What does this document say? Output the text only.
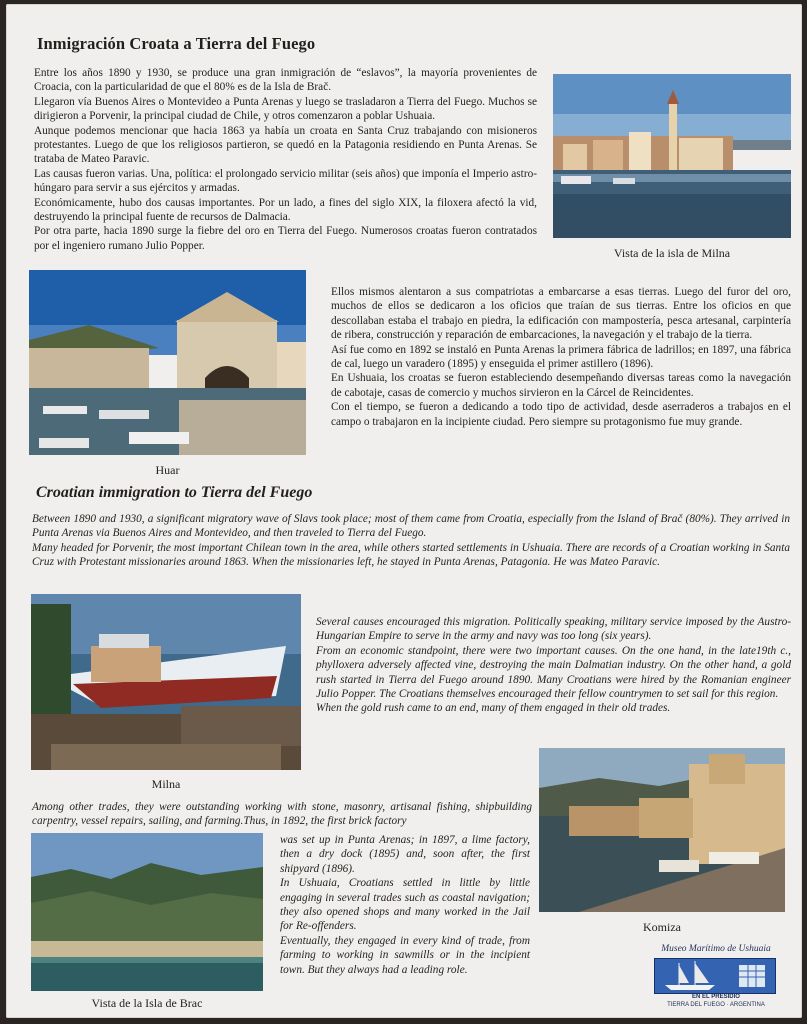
Inmigración Croata a Tierra del Fuego

Entre los años 1890 y 1930, se produce una gran inmigración de “eslavos”, la mayoría provenientes de Croacia, con la particularidad de que el 80% es de la Isla de Brač.

Llegaron vía Buenos Aires o Montevideo a Punta Arenas y luego se trasladaron a Tierra del Fuego. Muchos se dirigieron a Porvenir, la principal ciudad de Chile, y otros comenzaron a poblar Ushuaia.

Aunque podemos mencionar que hacia 1863 ya había un croata en Santa Cruz trabajando con misioneros protestantes. Luego de que los religiosos partieron, se quedó en la Patagonia residiendo en Punta Arenas. Se trataba de Mateo Paravic.

Las causas fueron varias. Una, política: el prolongado servicio militar (seis años) que imponía el Imperio astro-húngaro para servir a sus ejércitos y armadas.

Económicamente, hubo dos causas importantes. Por un lado, a fines del siglo XIX, la filoxera afectó la vid, destruyendo la principal fuente de recursos de Dalmacia.

Por otra parte, hacia 1890 surge la fiebre del oro en Tierra del Fuego. Numerosos croatas fueron contratados por el ingeniero rumano Julio Popper.

Vista de la isla de Milna
Huar

Ellos mismos alentaron a sus compatriotas a embarcarse a esas tierras. Luego del furor del oro, muchos de ellos se dedicaron a los oficios que traían de sus tierras. Entre los oficios en que descollaban estaba el trabajo en piedra, la edificación con mampostería, pesca artesanal, carpintería de ribera, construcción y reparación de embarcaciones, la navegación y el trabajo de la tierra.

Así fue como en 1892 se instaló en Punta Arenas la primera fábrica de ladrillos; en 1897, una fábrica de cal, luego un varadero (1895) y enseguida el primer astillero (1896).

En Ushuaia, los croatas se fueron estableciendo desempeñando diversas tareas como la navegación de cabotaje, casas de comercio y muchos sirvieron en la Cárcel de Reincidentes.

Con el tiempo, se fueron a dedicando a todo tipo de actividad, desde aserraderos a trabajos en el campo o trabajaron en la incipiente ciudad. Pero siempre su protagonismo fue muy grande.

Croatian immigration to Tierra del Fuego

Between 1890 and 1930, a significant migratory wave of Slavs took place; most of them came from Croatia, especially from the Island of Brač (80%). They arrived in Punta Arenas via Buenos Aires and Montevideo, and then traveled to Tierra del Fuego.

Many headed for Porvenir, the most important Chilean town in the area, while others started settlements in Ushuaia. There are records of a Croatian working in Santa Cruz with Protestant missionaries around 1863. When the missionaries left, he stayed in Punta Arenas, Patagonia. He was Mateo Paravic.

Milna

Several causes encouraged this migration. Politically speaking, military service imposed by the Austro-Hungarian Empire to serve in the army and navy was too long (six years).

From an economic standpoint, there were two important causes. On the one hand, in the late19th c., phylloxera adversely affected vine, destroying the main Dalmatian industry. On the other hand, a gold rush started in Tierra del Fuego around 1890. Many Croatians were hired by the Romanian engineer Julio Popper. The Croatians themselves encouraged their fellow countrymen to set sail for this region.

When the gold rush came to an end, many of them engaged in their old trades.

Komiza
Among other trades, they were outstanding working with stone, masonry, artisanal fishing, shipbuilding carpentry, vessel repairs, sailing, and farming.Thus, in 1892, the first brick factory
Vista de la Isla de Brac

was set up in Punta Arenas; in 1897, a lime factory, then a dry dock (1895) and, soon after, the first shipyard (1896).

In Ushuaia, Croatians settled in little by little engaging in several trades such as coastal navigation; they also opened shops and many worked in the Jail for Re-offenders.

Eventually, they engaged in every kind of trade, from farming to working in sawmills or in the incipient town. But they always had a leading role.

Museo Marítimo de Ushuaia
EN EL PRESIDIO
TIERRA DEL FUEGO · ARGENTINA
